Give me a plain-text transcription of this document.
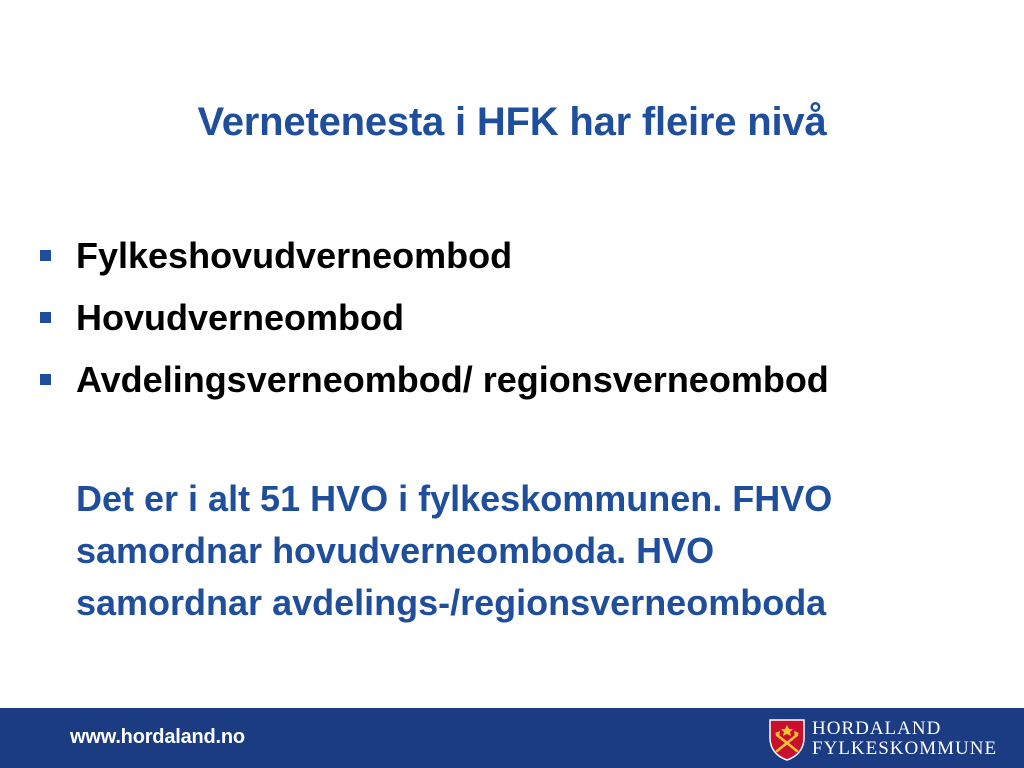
Vernetenesta i HFK har fleire nivå
Fylkeshovudverneombod
Hovudverneombod
Avdelingsverneombod/ regionsverneombod
Det er i alt 51 HVO i fylkeskommunen. FHVO
samordnar hovudverneomboda. HVO
samordnar avdelings-/regionsverneomboda
www.hordaland.no	HORDALAND
FYLKESKOMMUNE
